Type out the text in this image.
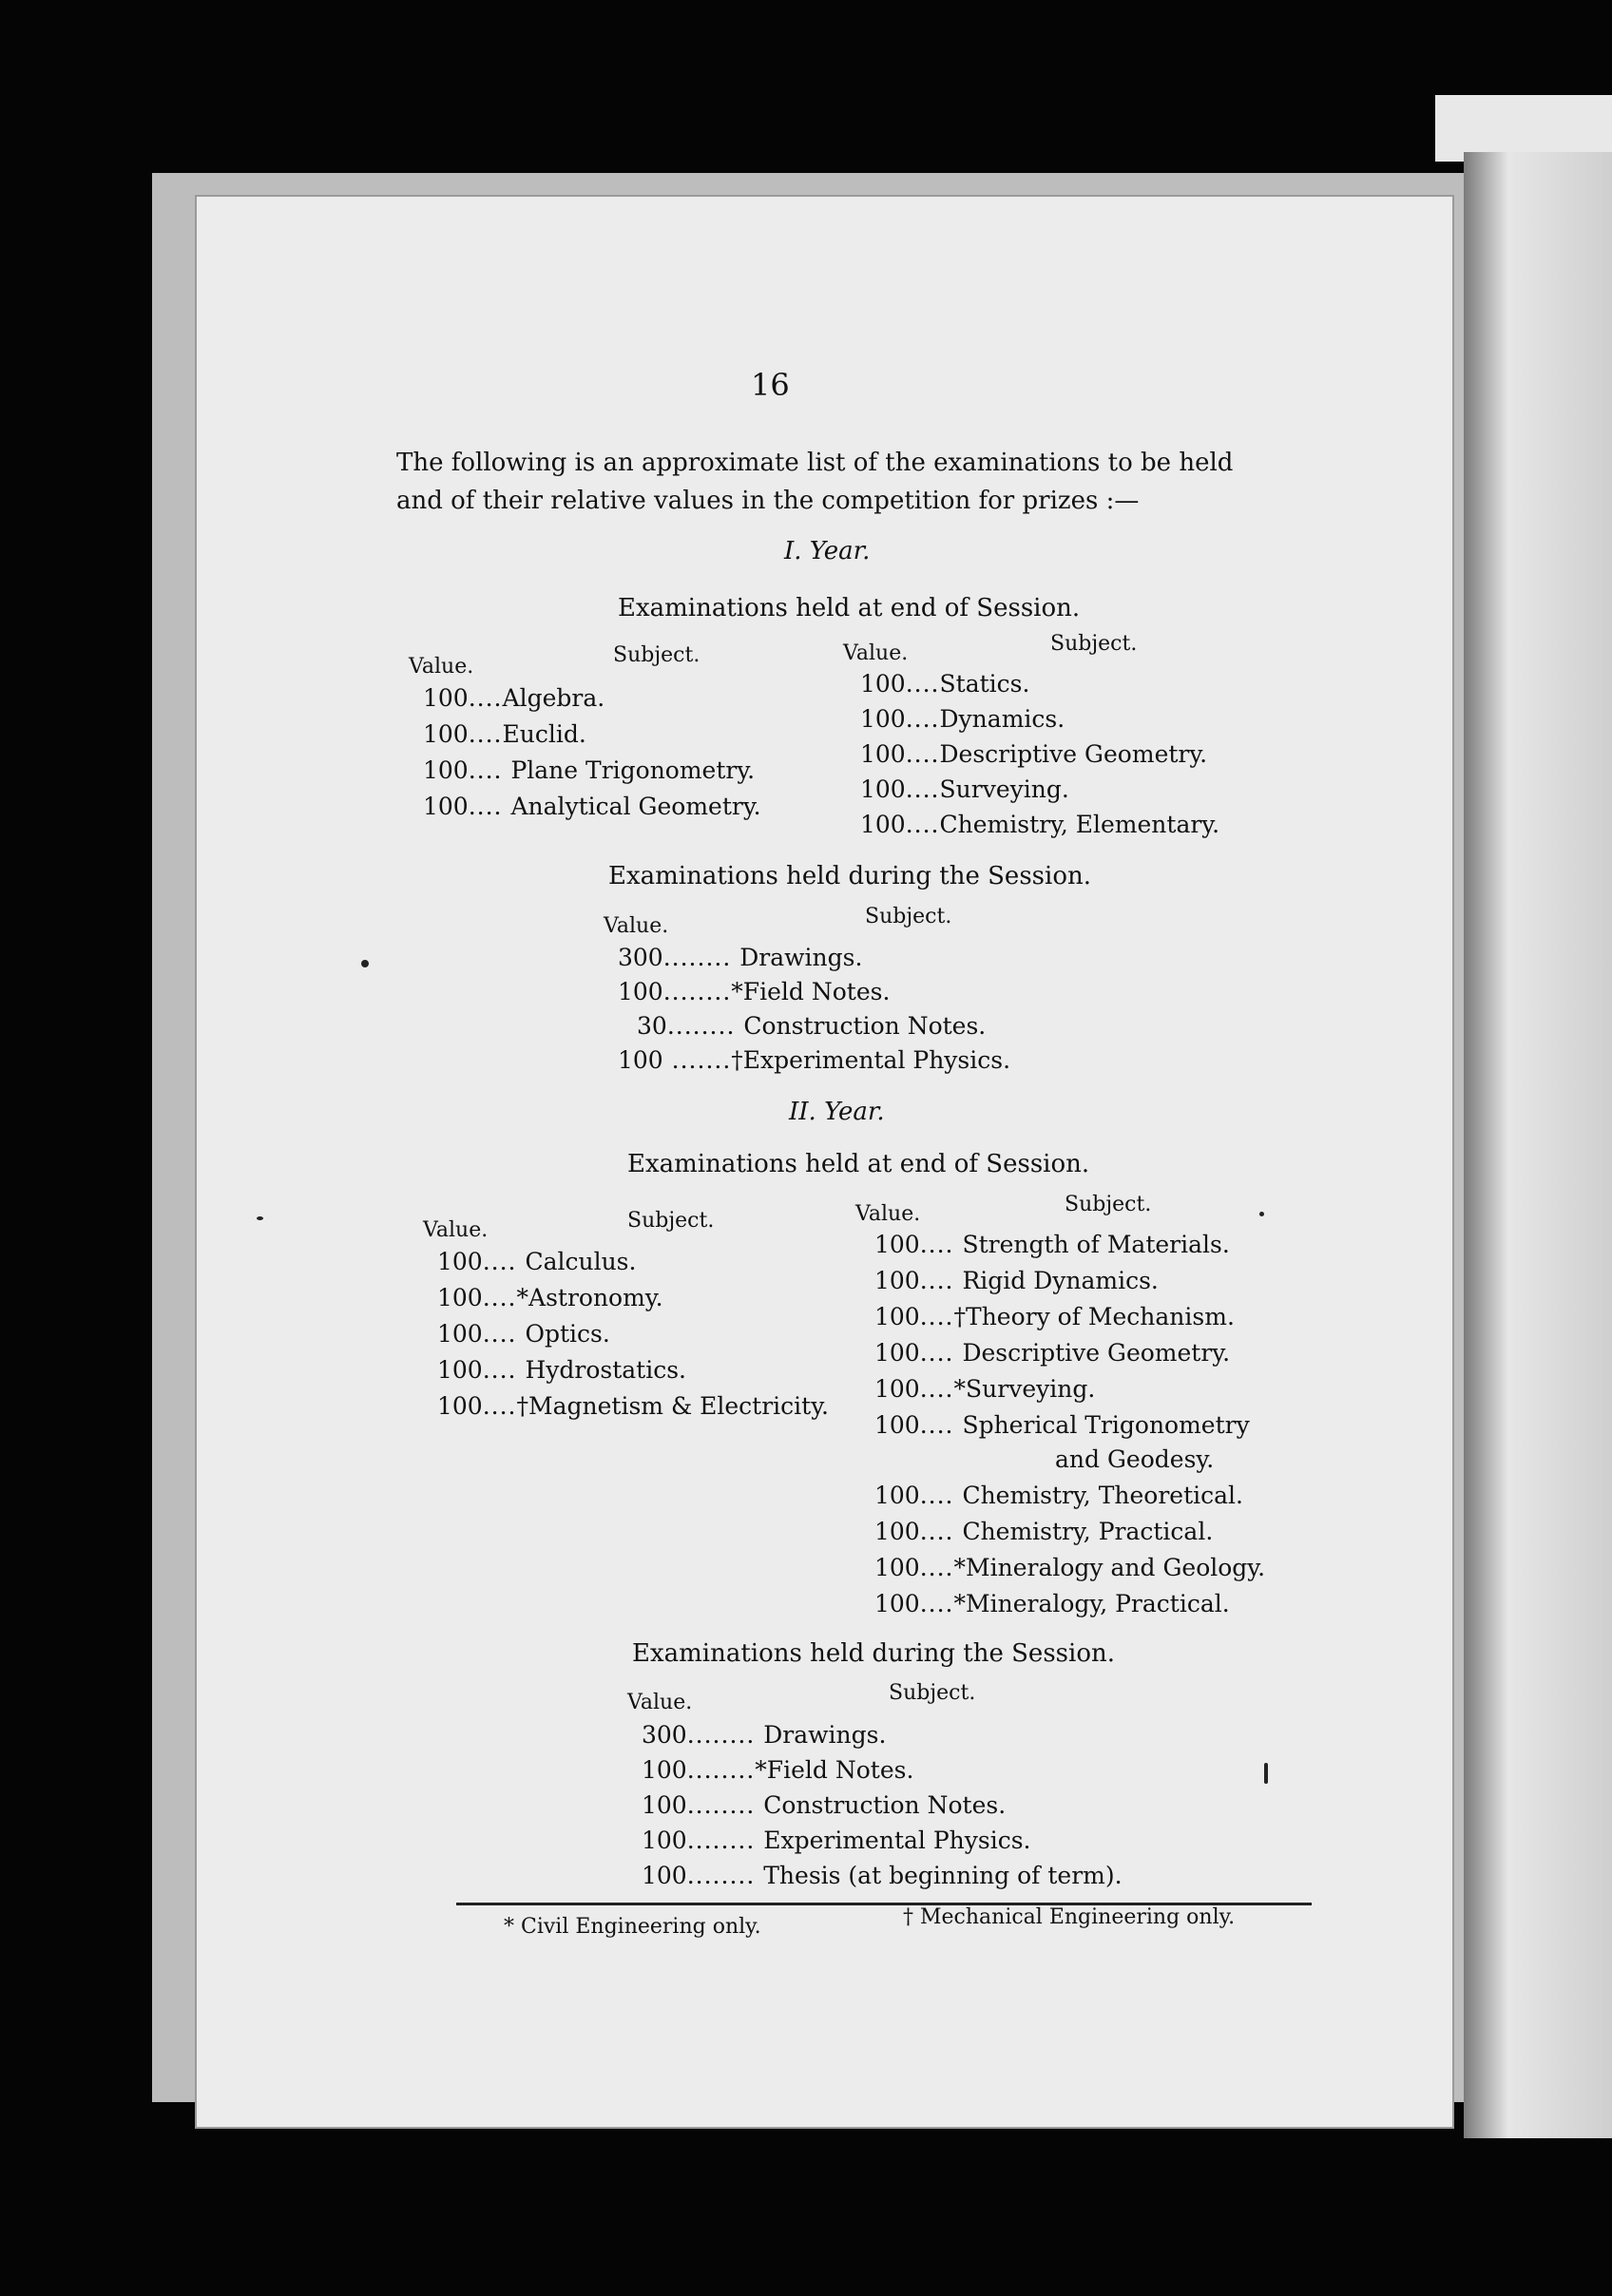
16
The following is an approximate list of the examinations to be held and of their relative values in the competition for prizes :—
I. Year.
Examinations held at end of Session.
Value.	Subject.	Value.	Subject.
100....Algebra.
100....Euclid.
100.... Plane Trigonometry.
100.... Analytical Geometry.
100....Statics.
100....Dynamics.
100....Descriptive Geometry.
100....Surveying.
100....Chemistry, Elementary.
Examinations held during the Session.
Value.	Subject.
300........ Drawings.
100........*Field Notes.
30........ Construction Notes.
100 .......†Experimental Physics.
II. Year.
Examinations held at end of Session.
Value.	Subject.	Value.	Subject.
100.... Calculus.
100....*Astronomy.
100.... Optics.
100.... Hydrostatics.
100....†Magnetism & Electricity.
100.... Strength of Materials.
100.... Rigid Dynamics.
100....†Theory of Mechanism.
100.... Descriptive Geometry.
100....*Surveying.
100.... Spherical Trigonometry
and Geodesy.
100.... Chemistry, Theoretical.
100.... Chemistry, Practical.
100....*Mineralogy and Geology.
100....*Mineralogy, Practical.
Examinations held during the Session.
Value.	Subject.
300........ Drawings.
100........*Field Notes.
100........ Construction Notes.
100........ Experimental Physics.
100........ Thesis (at beginning of term).
* Civil Engineering only.	† Mechanical Engineering only.
